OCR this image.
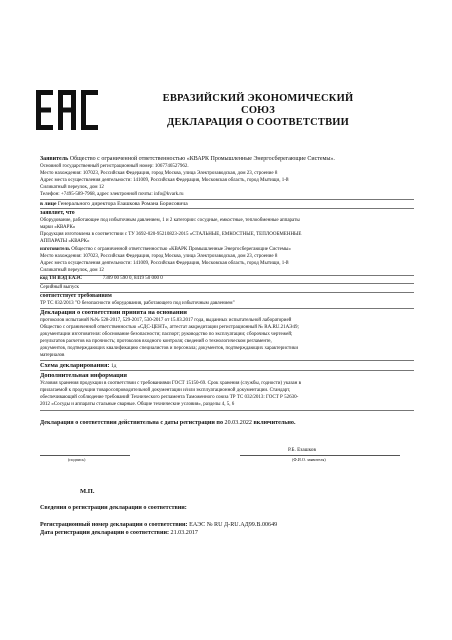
ЕВРАЗИЙСКИЙ ЭКОНОМИЧЕСКИЙ
СОЮЗ
ДЕКЛАРАЦИЯ О СООТВЕТСТВИИ
Заявитель Общество с ограниченной ответственностью «КВАРК Промышленные Энергосберегающие Системы».
Основной государственный регистрационный номер: 1067746527962.
Место нахождения: 107023, Российская Федерация, город Москва, улица Электрозаводская, дом 23, строение 8
Адрес места осуществления деятельности: 141009, Российская Федерация, Московская область, город Мытищи, 1-й
Силикатный переулок, дом 12
Телефон: +7495-589-7968, адрес электронной почты: info@kvark.ru
в лице Генерального директора Езашкова Романа Борисовича
заявляет, что
Оборудование, работающее под избыточным давлением, 1 и 2 категории: сосудные, емкостные, теплообменные аппараты
марки «КВАРК»
Продукция изготовлена в соответствии с ТУ 3692-020-95210823-2015 «СТАЛЬНЫЕ, ЕМКОСТНЫЕ, ТЕПЛООБМЕННЫЕ
АППАРАТЫ «КВАРК»
изготовитель Общество с ограниченной ответственностью «КВАРК Промышленные Энергосберегающие Системы»
Место нахождения: 107023, Российская Федерация, город Москва, улица Электрозаводская, дом 23, строение 8
Адрес места осуществления деятельности: 141009, Российская Федерация, Московская область, город Мытищи, 1-й
Силикатный переулок, дом 12
код ТН ВЭД ЕАЭС	7309 00 590 0, 8419 50 000 0
Серийный выпуск
соответствует требованиям
ТР ТС 032/2013 "О безопасности оборудования, работающего под избыточным давлением"
Декларация о соответствии принята на основании
протоколов испытаний №№ 528-2017, 529-2017, 530-2017 от 15.03.2017 года, выданных испытательной лабораторией
Общество с ограниченной ответственностью «СДС-ЦЕНТ», аттестат аккредитации регистрационный № RA.RU.21АЭ49;
документации изготовителя: обоснование безопасности; паспорт; руководство по эксплуатации; сборочных чертежей;
результатов расчетов на прочность; протоколов входного контроля; сведений о технологическом регламенте,
документов, подтверждающих квалификацию специалистов и персонала; документов, подтверждающих характеристики
материалов
Схема декларирования: 1д
Дополнительная информация
Условия хранения продукции в соответствии с требованиями ГОСТ 15150-69. Срок хранения (службы, годности) указан в
прилагаемой к продукции товаросопроводительной документации и/или эксплуатационной документации. Стандарт,
обеспечивающий соблюдение требований Технического регламента Таможенного союза ТР ТС 032/2013: ГОСТ Р 52630-
2012 «Сосуды и аппараты стальные сварные. Общие технические условия», разделы 4, 5, 6
Декларация о соответствии действительна с даты регистрации по 20.03.2022 включительно.
Р.Б. Езашков
(подпись)	(Ф.И.О. заявителя)
М.П.
Сведения о регистрации декларации о соответствии:
Регистрационный номер декларации о соответствии: ЕАЭС № RU Д-RU.АД99.В.00649
Дата регистрации декларации о соответствии: 21.03.2017
